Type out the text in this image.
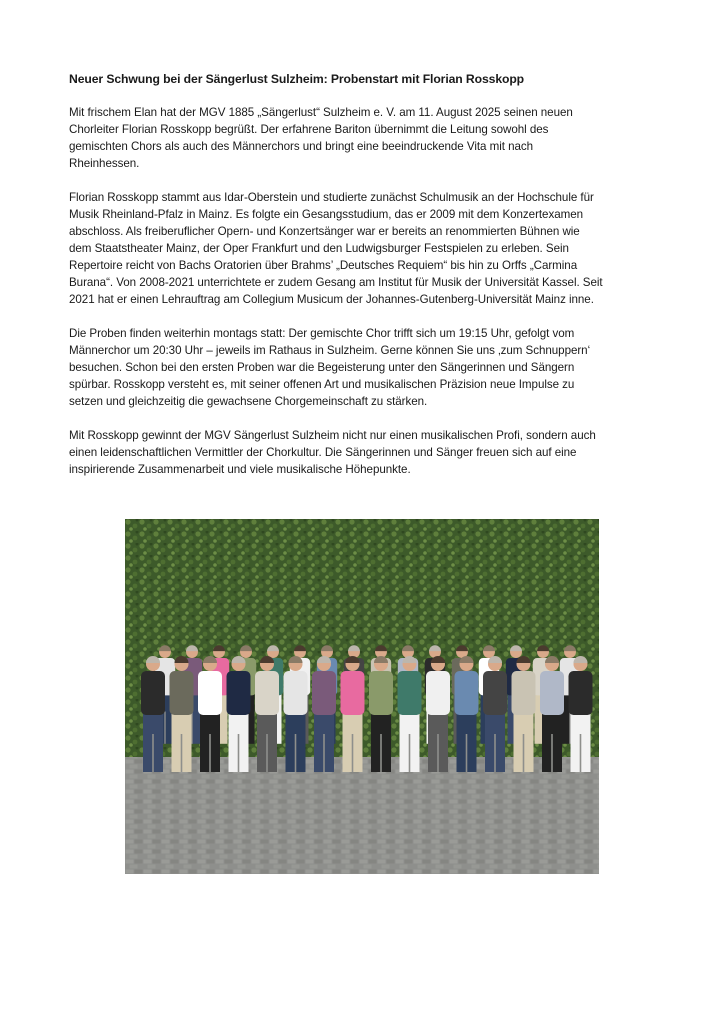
Neuer Schwung bei der Sängerlust Sulzheim: Probenstart mit Florian Rosskopp
Mit frischem Elan hat der MGV 1885 „Sängerlust“ Sulzheim e. V. am 11. August 2025 seinen neuen
Chorleiter Florian Rosskopp begrüßt. Der erfahrene Bariton übernimmt die Leitung sowohl des
gemischten Chors als auch des Männerchors und bringt eine beeindruckende Vita mit nach
Rheinhessen.
Florian Rosskopp stammt aus Idar-Oberstein und studierte zunächst Schulmusik an der Hochschule für
Musik Rheinland-Pfalz in Mainz. Es folgte ein Gesangsstudium, das er 2009 mit dem Konzertexamen
abschloss. Als freiberuflicher Opern- und Konzertsänger war er bereits an renommierten Bühnen wie
dem Staatstheater Mainz, der Oper Frankfurt und den Ludwigsburger Festspielen zu erleben. Sein
Repertoire reicht von Bachs Oratorien über Brahms’ „Deutsches Requiem“ bis hin zu Orffs „Carmina
Burana“. Von 2008-2021 unterrichtete er zudem Gesang am Institut für Musik der Universität Kassel. Seit
2021 hat er einen Lehrauftrag am Collegium Musicum der Johannes-Gutenberg-Universität Mainz inne.
Die Proben finden weiterhin montags statt: Der gemischte Chor trifft sich um 19:15 Uhr, gefolgt vom
Männerchor um 20:30 Uhr – jeweils im Rathaus in Sulzheim. Gerne können Sie uns ‚zum Schnuppern‘
besuchen. Schon bei den ersten Proben war die Begeisterung unter den Sängerinnen und Sängern
spürbar. Rosskopp versteht es, mit seiner offenen Art und musikalischen Präzision neue Impulse zu
setzen und gleichzeitig die gewachsene Chorgemeinschaft zu stärken.
Mit Rosskopp gewinnt der MGV Sängerlust Sulzheim nicht nur einen musikalischen Profi, sondern auch
einen leidenschaftlichen Vermittler der Chorkultur. Die Sängerinnen und Sänger freuen sich auf eine
inspirierende Zusammenarbeit und viele musikalische Höhepunkte.
